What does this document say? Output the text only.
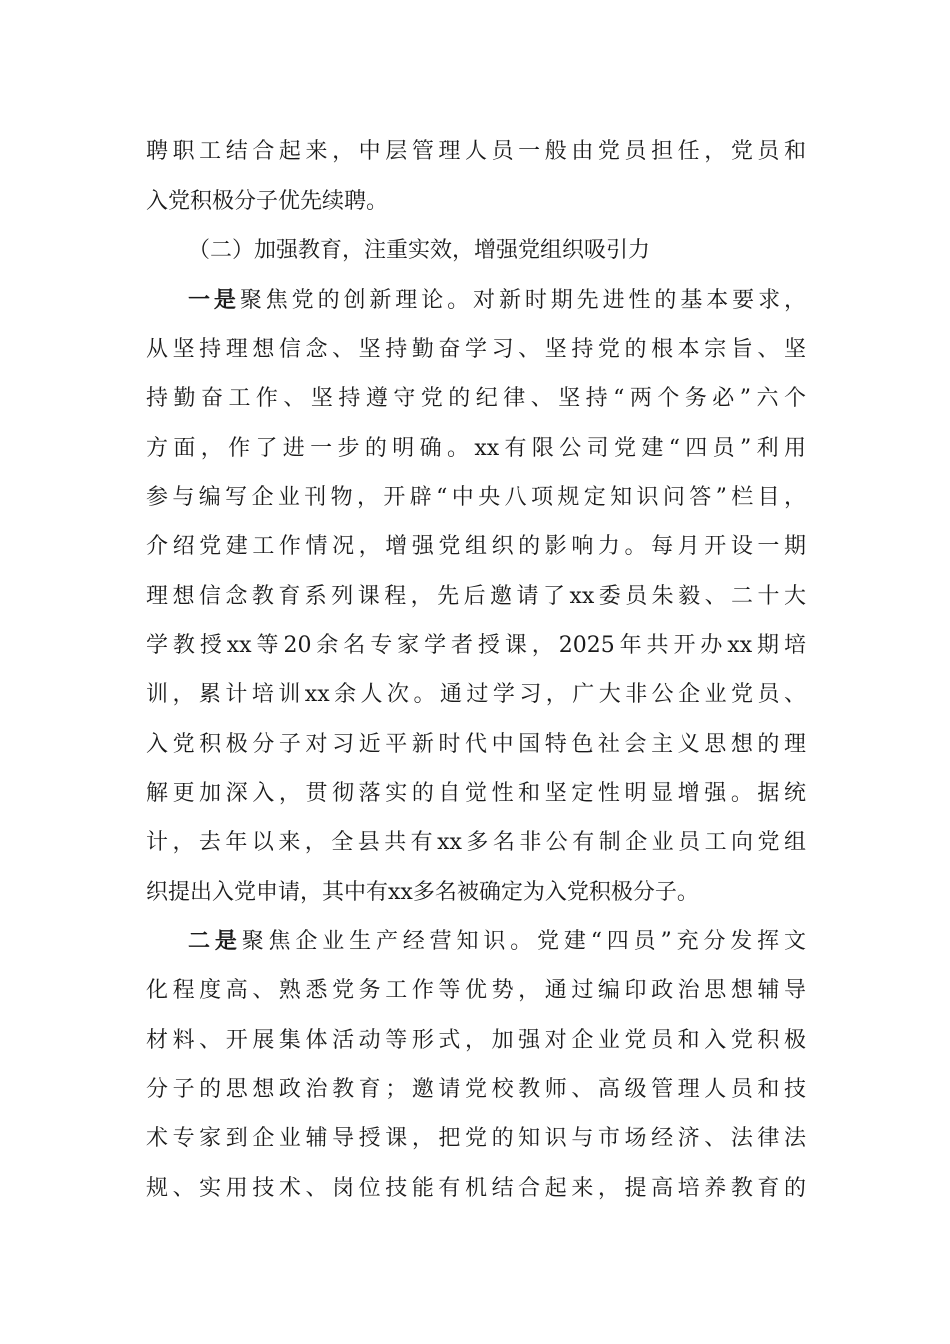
聘职工结合起来，中层管理人员一般由党员担任，党员和

入党积极分子优先续聘。

（二）加强教育，注重实效，增强党组织吸引力

一是聚焦党的创新理论。对新时期先进性的基本要求，

从坚持理想信念、坚持勤奋学习、坚持党的根本宗旨、坚

持勤奋工作、坚持遵守党的纪律、坚持“两个务必”六个

方面，作了进一步的明确。xx有限公司党建“四员”利用

参与编写企业刊物，开辟“中央八项规定知识问答”栏目，

介绍党建工作情况，增强党组织的影响力。每月开设一期

理想信念教育系列课程，先后邀请了xx委员朱毅、二十大

学教授xx等20余名专家学者授课，2025年共开办xx期培

训，累计培训xx余人次。通过学习，广大非公企业党员、

入党积极分子对习近平新时代中国特色社会主义思想的理

解更加深入，贯彻落实的自觉性和坚定性明显增强。据统

计，去年以来，全县共有xx多名非公有制企业员工向党组

织提出入党申请，其中有xx多名被确定为入党积极分子。

二是聚焦企业生产经营知识。党建“四员”充分发挥文

化程度高、熟悉党务工作等优势，通过编印政治思想辅导

材料、开展集体活动等形式，加强对企业党员和入党积极

分子的思想政治教育；邀请党校教师、高级管理人员和技

术专家到企业辅导授课，把党的知识与市场经济、法律法

规、实用技术、岗位技能有机结合起来，提高培养教育的
